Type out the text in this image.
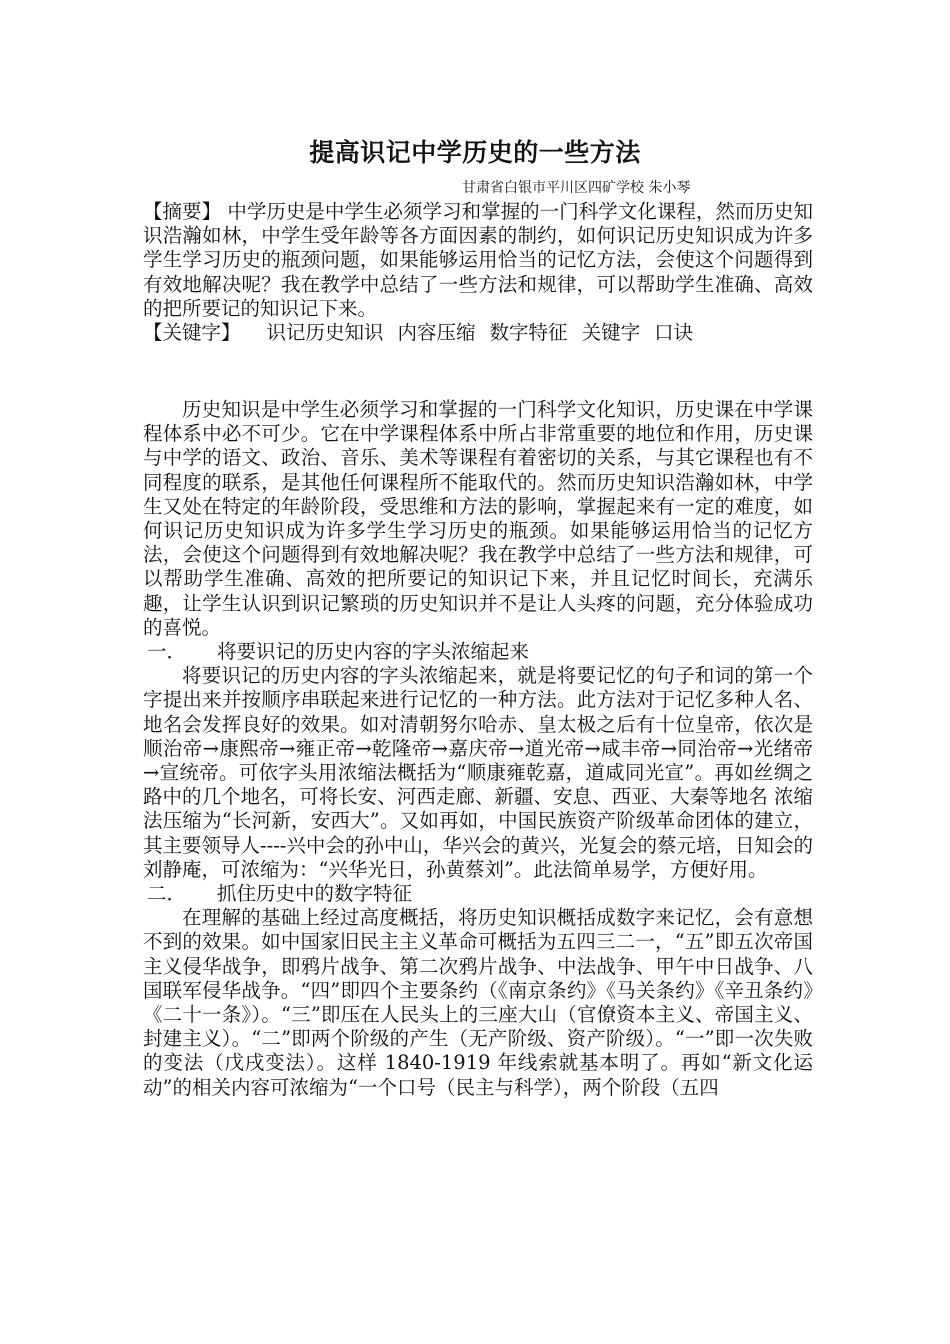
提高识记中学历史的一些方法
甘肃省白银市平川区四矿学校 朱小琴

【摘要】 中学历史是中学生必须学习和掌握的一门科学文化课程，然而历史知识浩瀚如林，中学生受年龄等各方面因素的制约，如何识记历史知识成为许多学生学习历史的瓶颈问题，如果能够运用恰当的记忆方法，会使这个问题得到有效地解决呢？我在教学中总结了一些方法和规律，可以帮助学生准确、高效的把所要记的知识记下来。

【关键字】 识记历史知识 内容压缩 数字特征 关键字 口诀

历史知识是中学生必须学习和掌握的一门科学文化知识，历史课在中学课程体系中必不可少。它在中学课程体系中所占非常重要的地位和作用，历史课与中学的语文、政治、音乐、美术等课程有着密切的关系，与其它课程也有不同程度的联系，是其他任何课程所不能取代的。然而历史知识浩瀚如林，中学生又处在特定的年龄阶段，受思维和方法的影响，掌握起来有一定的难度，如何识记历史知识成为许多学生学习历史的瓶颈。如果能够运用恰当的记忆方法，会使这个问题得到有效地解决呢？我在教学中总结了一些方法和规律，可以帮助学生准确、高效的把所要记的知识记下来，并且记忆时间长，充满乐趣，让学生认识到识记繁琐的历史知识并不是让人头疼的问题，充分体验成功的喜悦。

一．	将要识记的历史内容的字头浓缩起来

将要识记的历史内容的字头浓缩起来，就是将要记忆的句子和词的第一个字提出来并按顺序串联起来进行记忆的一种方法。此方法对于记忆多种人名、地名会发挥良好的效果。如对清朝努尔哈赤、皇太极之后有十位皇帝，依次是顺治帝→康熙帝→雍正帝→乾隆帝→嘉庆帝→道光帝→咸丰帝→同治帝→光绪帝→宣统帝。可依字头用浓缩法概括为“顺康雍乾嘉，道咸同光宣”。再如丝绸之路中的几个地名，可将长安、河西走廊、新疆、安息、西亚、大秦等地名 浓缩法压缩为“长河新，安西大”。又如再如，中国民族资产阶级革命团体的建立，其主要领导人----兴中会的孙中山，华兴会的黄兴，光复会的蔡元培，日知会的刘静庵，可浓缩为：“兴华光日，孙黄蔡刘”。此法简单易学，方便好用。

二．	抓住历史中的数字特征

在理解的基础上经过高度概括，将历史知识概括成数字来记忆，会有意想不到的效果。如中国家旧民主主义革命可概括为五四三二一，“五”即五次帝国主义侵华战争，即鸦片战争、第二次鸦片战争、中法战争、甲午中日战争、八国联军侵华战争。“四”即四个主要条约（《南京条约》《马关条约》《辛丑条约》《二十一条》）。“三”即压在人民头上的三座大山（官僚资本主义、帝国主义、封建主义）。“二”即两个阶级的产生（无产阶级、资产阶级）。“一”即一次失败的变法（戊戌变法）。这样 1840-1919 年线索就基本明了。再如“新文化运动”的相关内容可浓缩为“一个口号（民主与科学），两个阶段（五四
